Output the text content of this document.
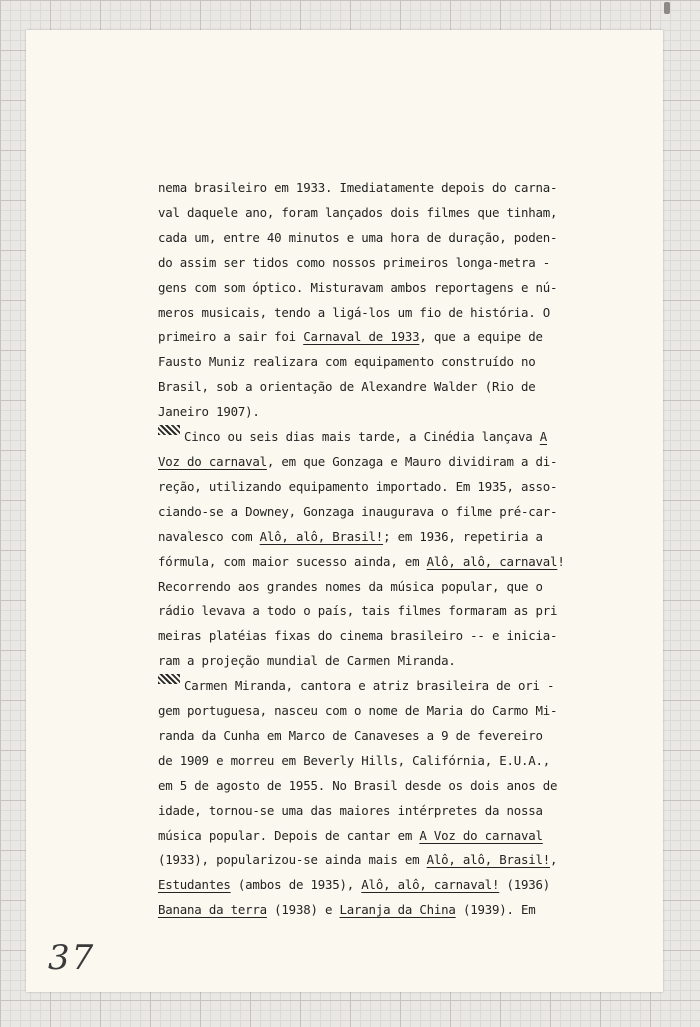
nema brasileiro em 1933. Imediatamente depois do carna-
val daquele ano, foram lançados dois filmes que tinham,
cada um, entre 40 minutos e uma hora de duração, poden-
do assim ser tidos como nossos primeiros longa-metra -
gens com som óptico. Misturavam ambos reportagens e nú-
meros musicais, tendo a ligá-los um fio de história. O
primeiro a sair foi Carnaval de 1933, que a equipe de
Fausto Muniz realizara com equipamento construído no
Brasil, sob a orientação de Alexandre Walder (Rio de
Janeiro 1907).
Cinco ou seis dias mais tarde, a Cinédia lançava A
Voz do carnaval, em que Gonzaga e Mauro dividiram a di-
reção, utilizando equipamento importado. Em 1935, asso-
ciando-se a Downey, Gonzaga inaugurava o filme pré-car-
navalesco com Alô, alô, Brasil!; em 1936, repetiria a
fórmula, com maior sucesso ainda, em Alô, alô, carnaval!
Recorrendo aos grandes nomes da música popular, que o
rádio levava a todo o país, tais filmes formaram as pri
meiras platéias fixas do cinema brasileiro -- e inicia-
ram a projeção mundial de Carmen Miranda.
Carmen Miranda, cantora e atriz brasileira de ori -
gem portuguesa, nasceu com o nome de Maria do Carmo Mi-
randa da Cunha em Marco de Canaveses a 9 de fevereiro
de 1909 e morreu em Beverly Hills, Califórnia, E.U.A.,
em 5 de agosto de 1955. No Brasil desde os dois anos de
idade, tornou-se uma das maiores intérpretes da nossa
música popular. Depois de cantar em A Voz do carnaval
(1933), popularizou-se ainda mais em Alô, alô, Brasil!,
Estudantes (ambos de 1935), Alô, alô, carnaval! (1936)
Banana da terra (1938) e Laranja da China (1939). Em
37
